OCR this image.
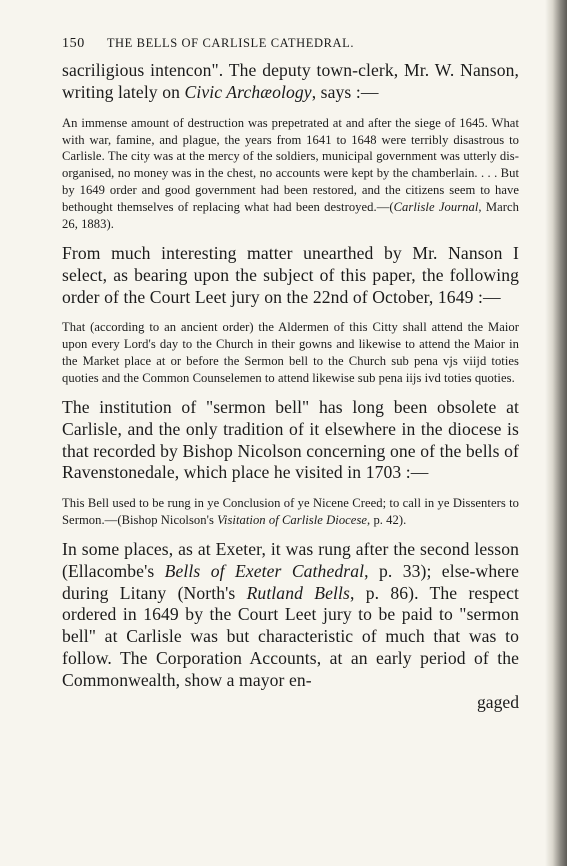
150 THE BELLS OF CARLISLE CATHEDRAL.

sacriligious intencon". The deputy town-clerk, Mr. W. Nanson, writing lately on Civic Archæology, says :—

An immense amount of destruction was prepetrated at and after the siege of 1645. What with war, famine, and plague, the years from 1641 to 1648 were terribly disastrous to Carlisle. The city was at the mercy of the soldiers, municipal government was utterly dis-organised, no money was in the chest, no accounts were kept by the chamberlain. . . . But by 1649 order and good government had been restored, and the citizens seem to have bethought themselves of replacing what had been destroyed.—(Carlisle Journal, March 26, 1883).

From much interesting matter unearthed by Mr. Nanson I select, as bearing upon the subject of this paper, the following order of the Court Leet jury on the 22nd of October, 1649 :—

That (according to an ancient order) the Aldermen of this Citty shall attend the Maior upon every Lord's day to the Church in their gowns and likewise to attend the Maior in the Market place at or before the Sermon bell to the Church sub pena vjs viijd toties quoties and the Common Counselemen to attend likewise sub pena iijs ivd toties quoties.

The institution of "sermon bell" has long been obsolete at Carlisle, and the only tradition of it elsewhere in the diocese is that recorded by Bishop Nicolson concerning one of the bells of Ravenstonedale, which place he visited in 1703 :—

This Bell used to be rung in ye Conclusion of ye Nicene Creed; to call in ye Dissenters to Sermon.—(Bishop Nicolson's Visitation of Carlisle Diocese, p. 42).

In some places, as at Exeter, it was rung after the second lesson (Ellacombe's Bells of Exeter Cathedral, p. 33); else-where during Litany (North's Rutland Bells, p. 86). The respect ordered in 1649 by the Court Leet jury to be paid to "sermon bell" at Carlisle was but characteristic of much that was to follow. The Corporation Accounts, at an early period of the Commonwealth, show a mayor en-

gaged
